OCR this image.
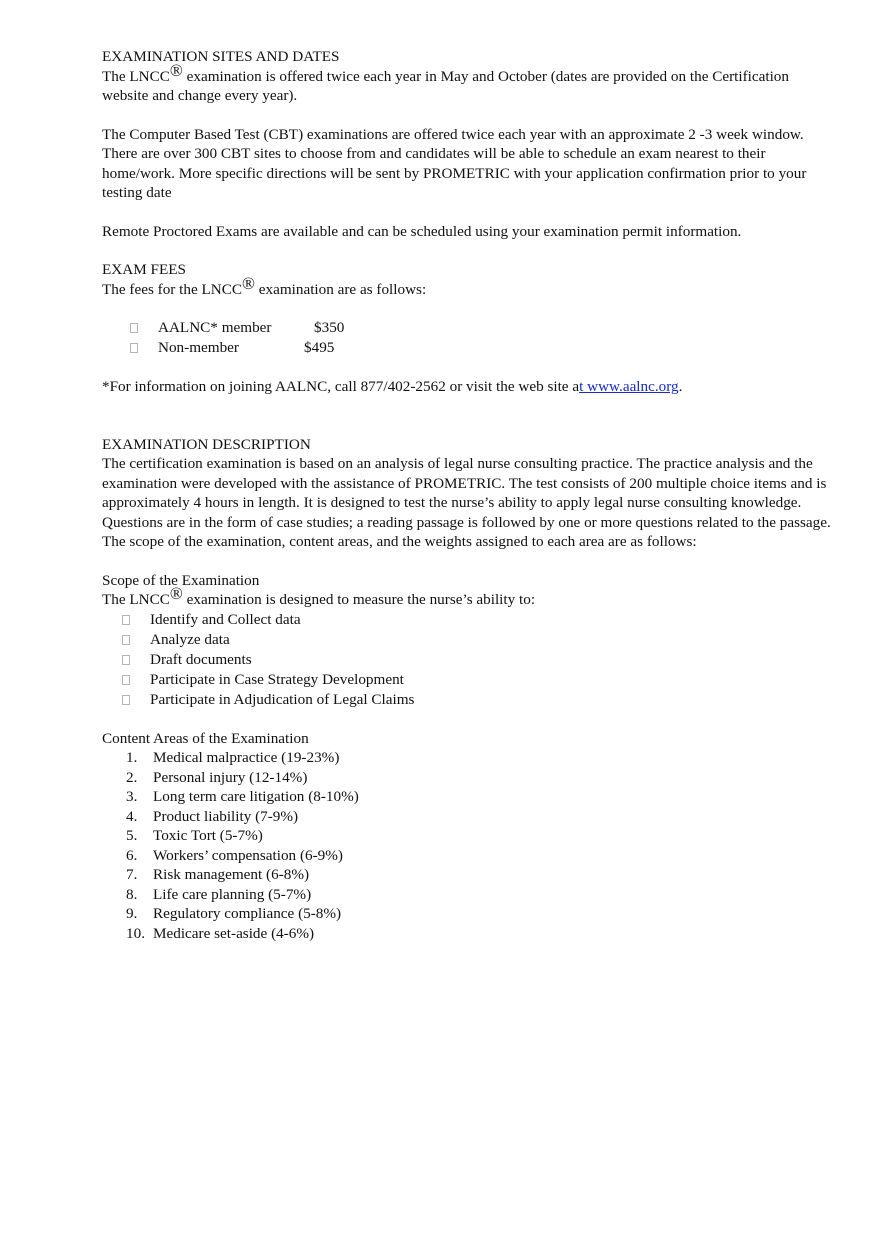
EXAMINATION SITES AND DATES

The LNCC® examination is offered twice each year in May and October (dates are provided on the Certification website and change every year).

The Computer Based Test (CBT) examinations are offered twice each year with an approximate 2 -3 week window. There are over 300 CBT sites to choose from and candidates will be able to schedule an exam nearest to their home/work. More specific directions will be sent by PROMETRIC with your application confirmation prior to your testing date

Remote Proctored Exams are available and can be scheduled using your examination permit information.

EXAM FEES

The fees for the LNCC® examination are as follows:

AALNC* member	$350
Non-member	$495

*For information on joining AALNC, call 877/402-2562 or visit the web site at www.aalnc.org.

EXAMINATION DESCRIPTION

The certification examination is based on an analysis of legal nurse consulting practice. The practice analysis and the examination were developed with the assistance of PROMETRIC. The test consists of 200 multiple choice items and is approximately 4 hours in length. It is designed to test the nurse’s ability to apply legal nurse consulting knowledge. Questions are in the form of case studies; a reading passage is followed by one or more questions related to the passage. The scope of the examination, content areas, and the weights assigned to each area are as follows:

Scope of the Examination

The LNCC® examination is designed to measure the nurse’s ability to:

Identify and Collect data
Analyze data
Draft documents
Participate in Case Strategy Development
Participate in Adjudication of Legal Claims

Content Areas of the Examination

1.	Medical malpractice (19-23%)
2.	Personal injury (12-14%)
3.	Long term care litigation (8-10%)
4.	Product liability (7-9%)
5.	Toxic Tort (5-7%)
6.	Workers’ compensation (6-9%)
7.	Risk management (6-8%)
8.	Life care planning (5-7%)
9.	Regulatory compliance (5-8%)
10. Medicare set-aside (4-6%)
